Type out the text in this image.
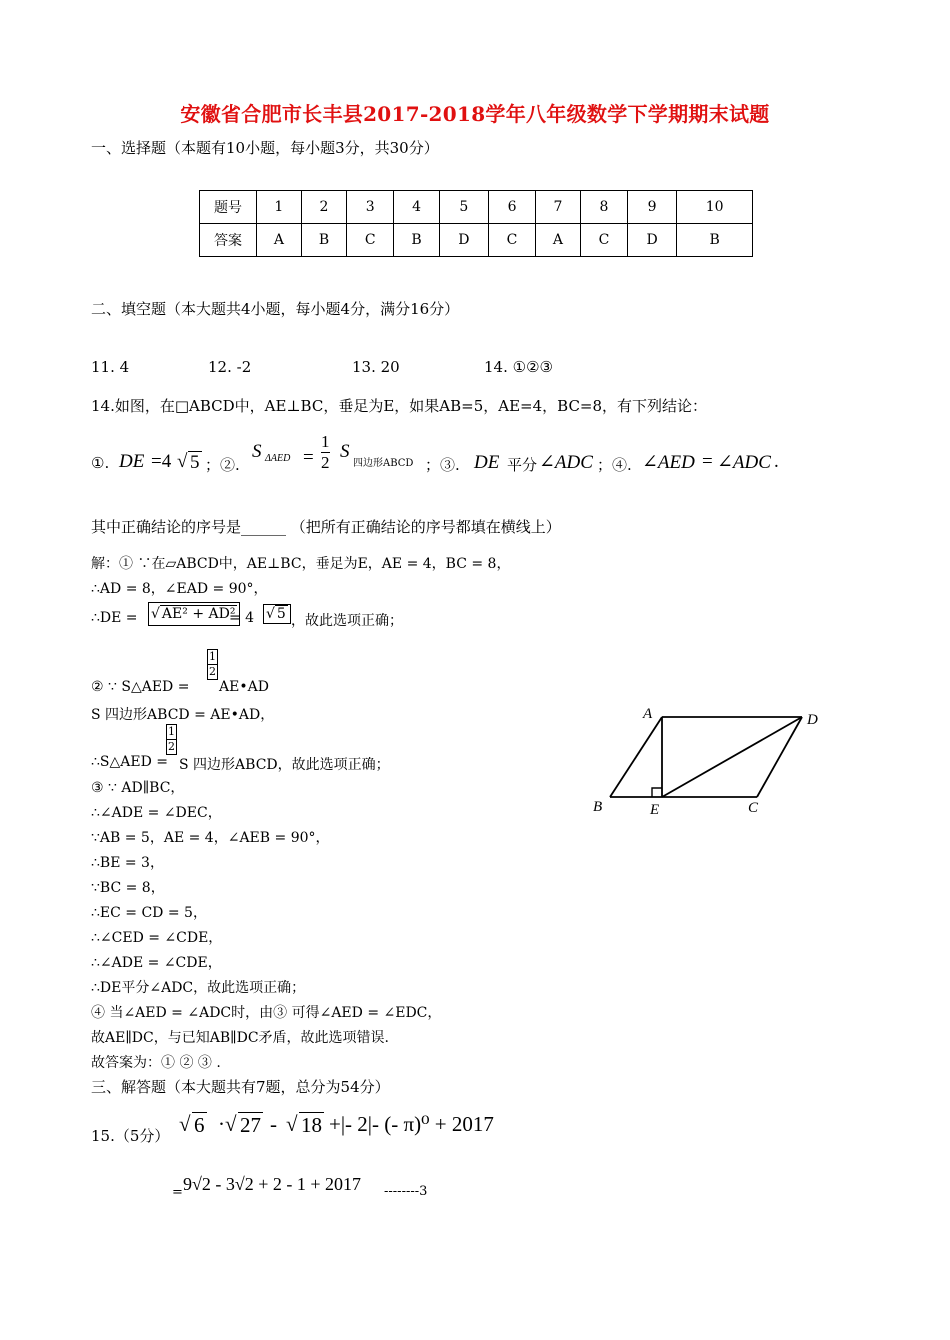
安徽省合肥市长丰县2017-2018学年八年级数学下学期期末试题
一、选择题（本题有10小题，每小题3分，共30分）
题号	1	2	3	4	5	6	7	8	9	10
答案	A	B	C	B	D	C	A	C	D	B
二、填空题（本大题共4小题，每小题4分，满分16分）
11. 4	12. -2	13. 20	14. ①②③
14.如图，在□ABCD中，AE⊥BC，垂足为E，如果AB=5，AE=4，BC=8，有下列结论：
①. DE =4 √ 5 ；②.
S $\Delta AED = \frac{1}{2}$ S
四边形ABCD ；③. DE 平分 ∠ADC ；④. ∠AED = ∠ADC .
其中正确结论的序号是______ （把所有正确结论的序号都填在横线上）
解：① ∵在▱ABCD中，AE⊥BC，垂足为E，AE = 4，BC = 8，
∴AD = 8，∠EAD = 90°，
∴DE = √ AE² + AD²
= 4 √ 5 ，故此选项正确；
② ∵ S△AED =
$\frac{1}{2}$
AE•AD
S 四边形ABCD = AE•AD，
∴S△AED =
$\frac{1}{2}$
S 四边形ABCD，故此选项正确；
③ ∵ AD∥BC，
∴∠ADE = ∠DEC，
∵AB = 5，AE = 4，∠AEB = 90°，
∴BE = 3，
∵BC = 8，
∴EC = CD = 5，
∴∠CED = ∠CDE，
∴∠ADE = ∠CDE，
∴DE平分∠ADC，故此选项正确；
④ 当∠AED = ∠ADC时，由③ 可得∠AED = ∠EDC，
故AE∥DC，与已知AB∥DC矛盾，故此选项错误.
故答案为：① ② ③ .
A	D
B	E	C
三、解答题（本大题共有7题，总分为54分）
15.（5分） √ 6 · √ 27 - √ 18 +|- 2|- (- π)⁰ + 2017
= 9√2 - 3√2 + 2 - 1 + 2017 --------3
